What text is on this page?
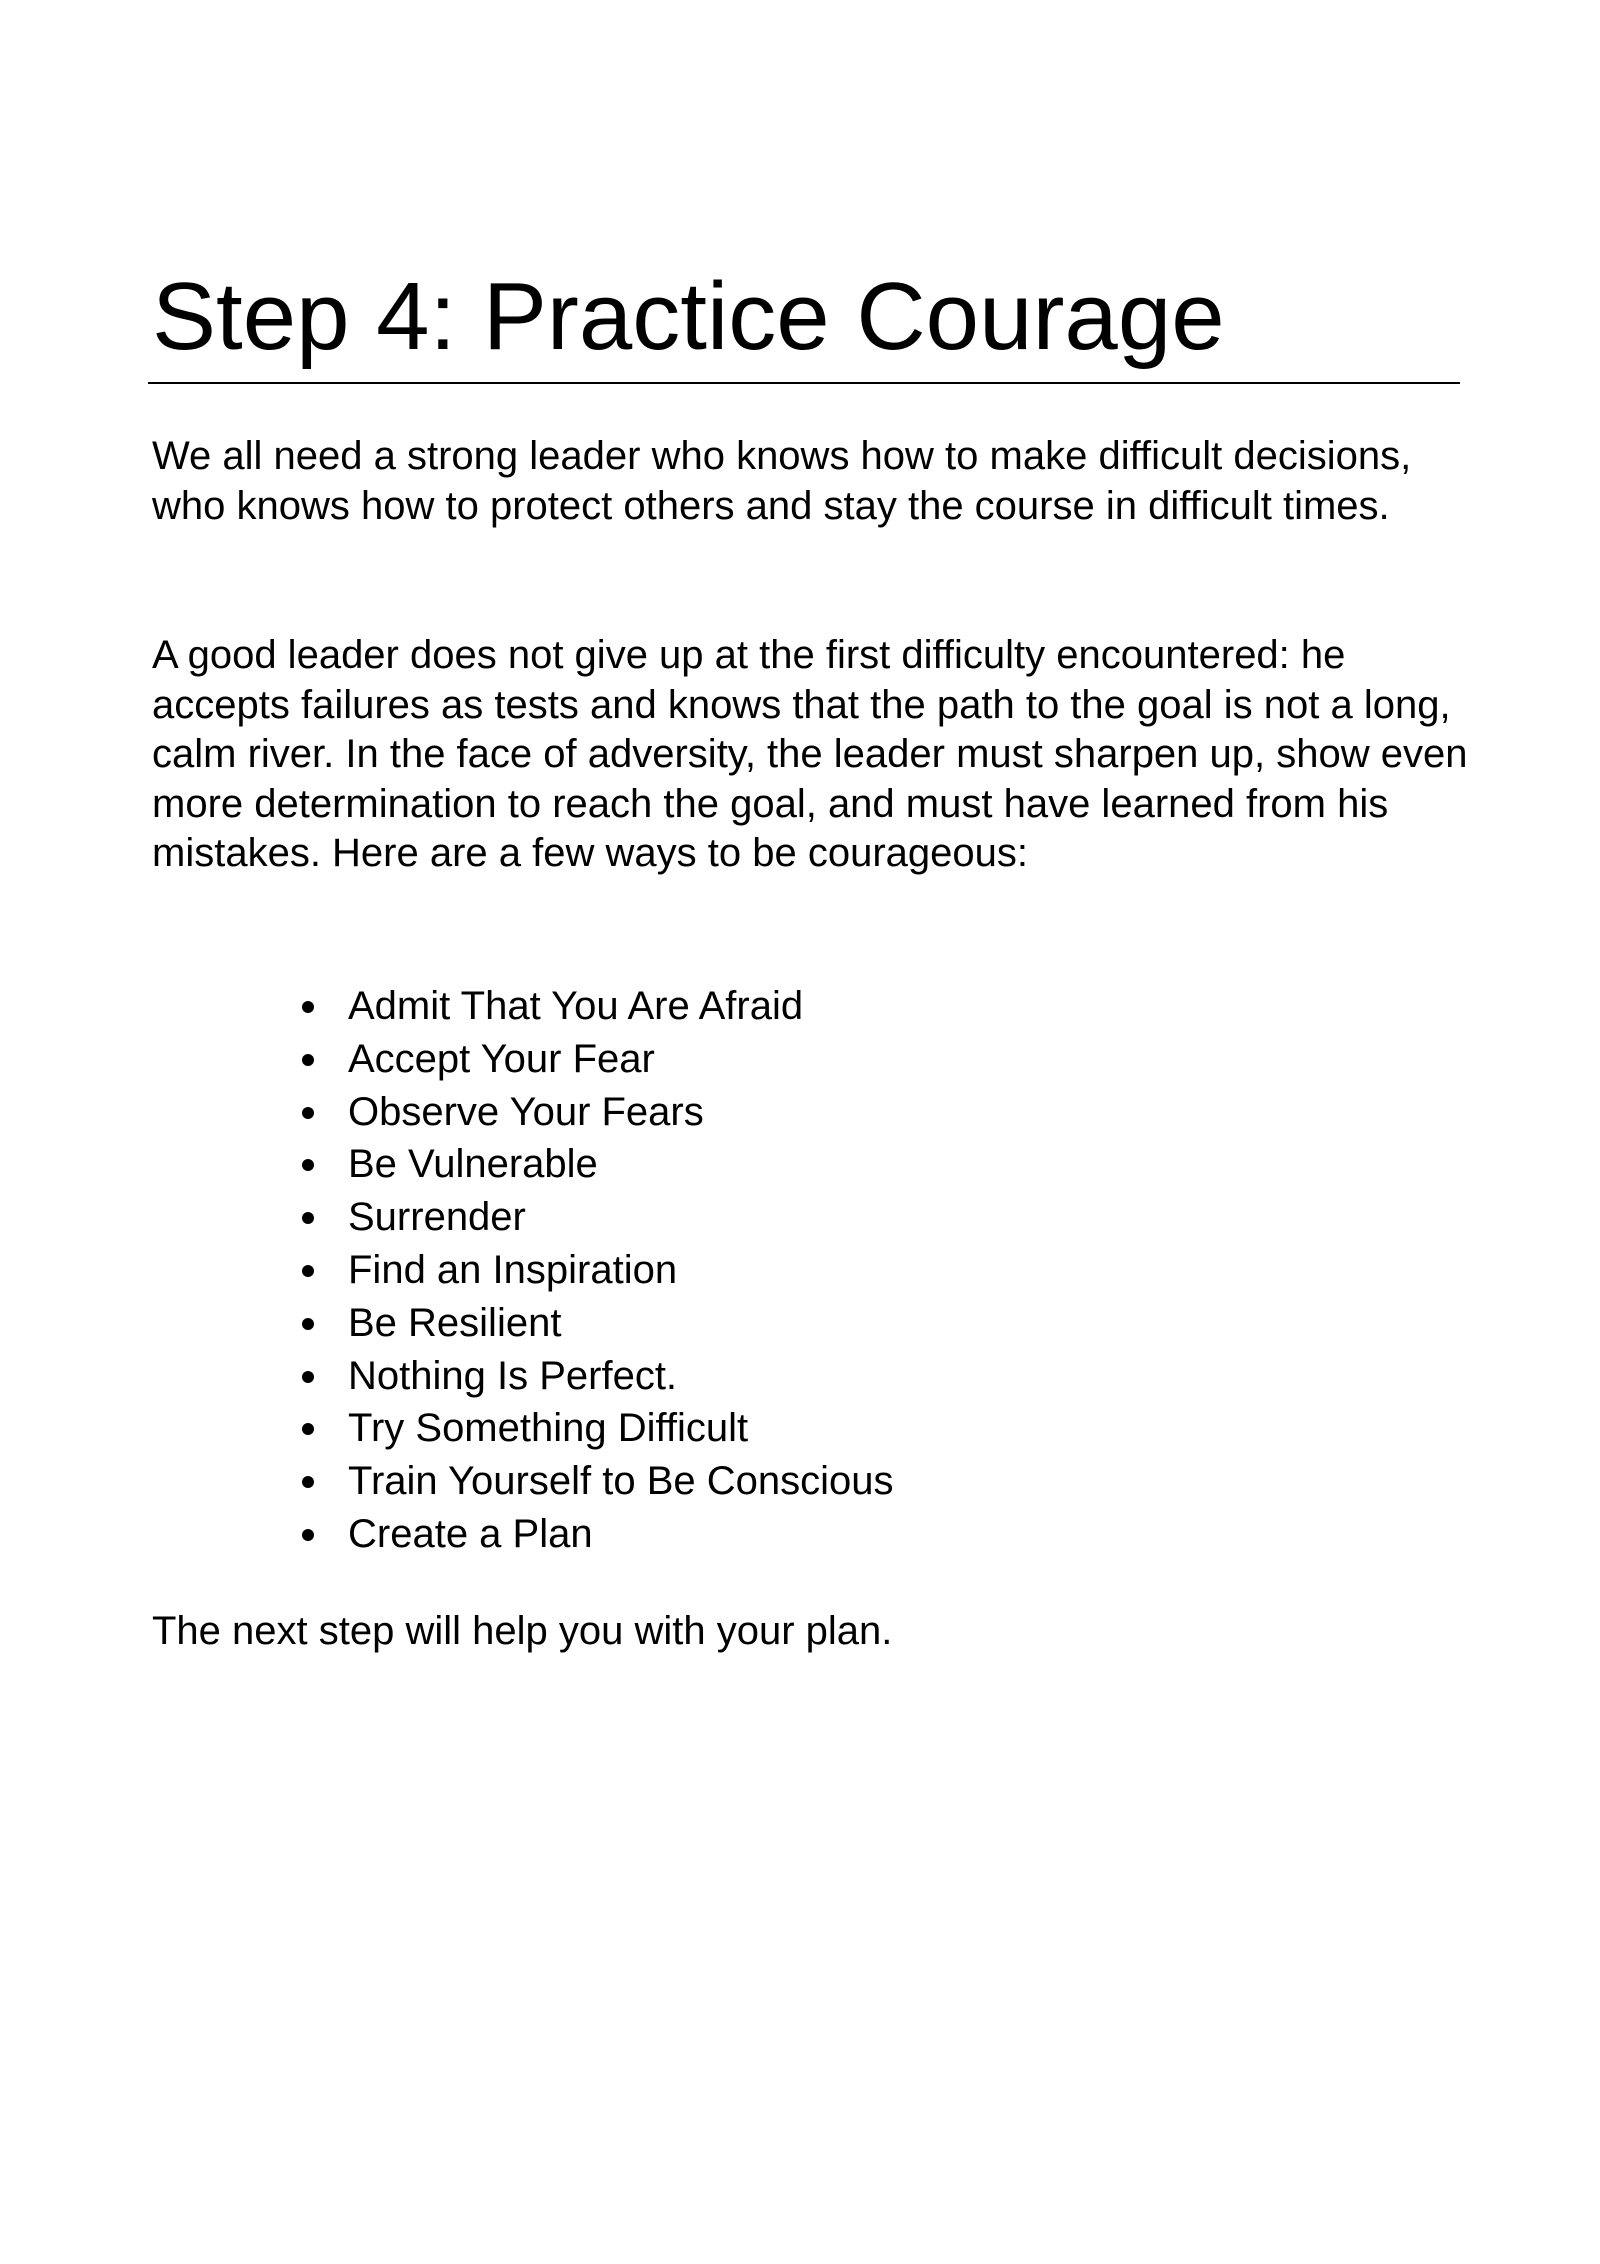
Step 4: Practice Courage

We all need a strong leader who knows how to make difficult decisions, who knows how to protect others and stay the course in difficult times.

A good leader does not give up at the first difficulty encountered: he accepts failures as tests and knows that the path to the goal is not a long, calm river. In the face of adversity, the leader must sharpen up, show even more determination to reach the goal, and must have learned from his mistakes. Here are a few ways to be courageous:

Admit That You Are Afraid
Accept Your Fear
Observe Your Fears
Be Vulnerable
Surrender
Find an Inspiration
Be Resilient
Nothing Is Perfect.
Try Something Difficult
Train Yourself to Be Conscious
Create a Plan

The next step will help you with your plan.
